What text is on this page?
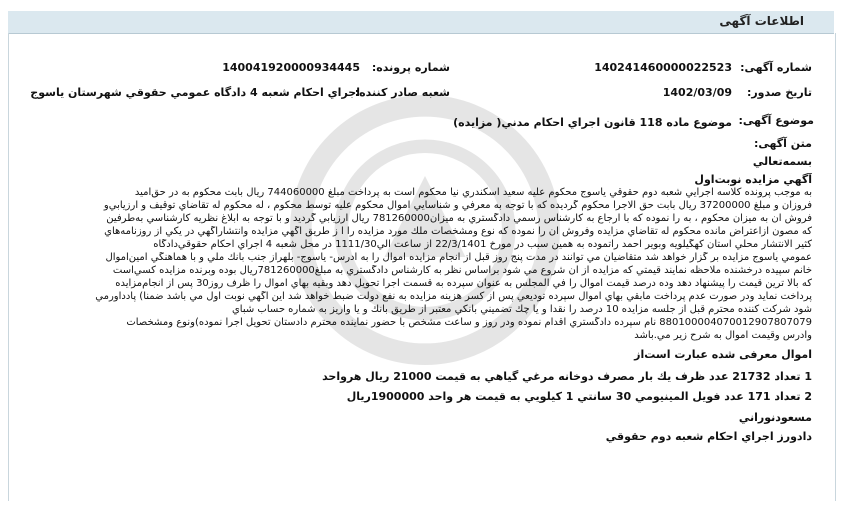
اطلاعات آگهی
شماره آگهی:
140241460000022523
شماره پرونده:
140041920000934445
تاریخ صدور:
1402/03/09
شعبه صادر کننده:
اجراي احكام شعبه 4 دادگاه عمومي حقوقي شهرستان ياسوج
موضوع آگهی:
موضوع ماده 118 قانون اجراي احكام مدني( مزايده)
متن آگهی:
بسمه‌تعالي
آگهي مزايده نوبت‌اول
به موجب پرونده كلاسه اجرايي شعبه دوم حقوقي ياسوج محكوم عليه سعيد اسكندري نيا محكوم است به پرداخت مبلغ 744060000 ريال بابت محكوم به در حق‌اميد
فروزان و مبلغ 37200000 ريال بابت حق الاجرا محكوم گرديده كه با توجه به معرفي و شناسايي اموال محكوم عليه توسط محكوم ، له محكوم له تقاضاي توقيف و ارزيابي‌و
فروش آن به ميزان محكوم ، به را نموده كه با ارجاع به كارشناس رسمي دادگستري به ميزان781260000 ريال ارزيابي گرديد و با توجه به ابلاغ نظريه كارشناسي به‌طرفين
كه مصون ازاعتراض مانده محكوم له تقاضاي مزايده وفروش آن را نموده كه نوع ومشخصات ملك مورد مزايده را ا ز طريق آگهي مزايده وانتشارآگهي در يكي از روزنامه‌هاي
كثير الانتشار محلي استان كهگيلويه وبوير احمد راتموده به همين سبب در مورخ 22/3/1401 از ساعت الي1111/30 در محل شعبه 4 اجراي احكام حقوقي‌دادگاه
عمومي ياسوج مزايده بر گزار خواهد شد متقاضيان مي توانند در مدت پنج روز قبل از انجام مزايده اموال را به ادرس- ياسوج- بلهراز جنب بانك ملي و با هماهنگي امين‌اموال
خانم سپيده درخشنده ملاحظه نمايند قيمتي كه مزايده از ان شروع مي شود براساس نظر به كارشناس دادگستري به مبلغ781260000ريال بوده وبرنده مزايده كسي‌است
كه بالا ترين قيمت را پيشنهاد دهد وده درصد قيمت اموال را في المجلس به عنوان سپرده به قسمت اجرا تحويل دهد وبقيه بهاي اموال را ظرف روز30 پس از انجام‌مزايده
پرداخت نمايد ودر صورت عدم پرداخت مابقي بهاي اموال سپرده توديعي پس از كسر هزينه مزايده به نفع دولت ضبط خواهد شد اين آگهي نوبت اول مي باشد ضمنا) پادداورمي
شود شركت كننده محترم قبل از جلسه مزايده 10 درصد را نقدا و يا چك تضميني بانكي معتبر از طريق بانك و يا واريز به شماره حساب شباي
880100004070012907807079 نام سپرده دادگستري اقدام نموده ودر روز و ساعت مشخص با حضور نماينده محترم دادستان تحويل اجرا نموده)ونوع ومشخصات
وادرس وقيمت اموال به شرح زير مي.باشد
اموال معرفی شده عبارت است‌از
1 تعداد 21732 عدد ظرف يك بار مصرف دوخانه مرغي گياهي به قيمت 21000 ريال هرواحد
2 تعداد 171 عدد فويل المينيومي 30 سانتي 1 كيلويي به قيمت هر واحد 1900000ريال
مسعودنوراني
دادورز اجراي احكام شعبه دوم حقوقي
